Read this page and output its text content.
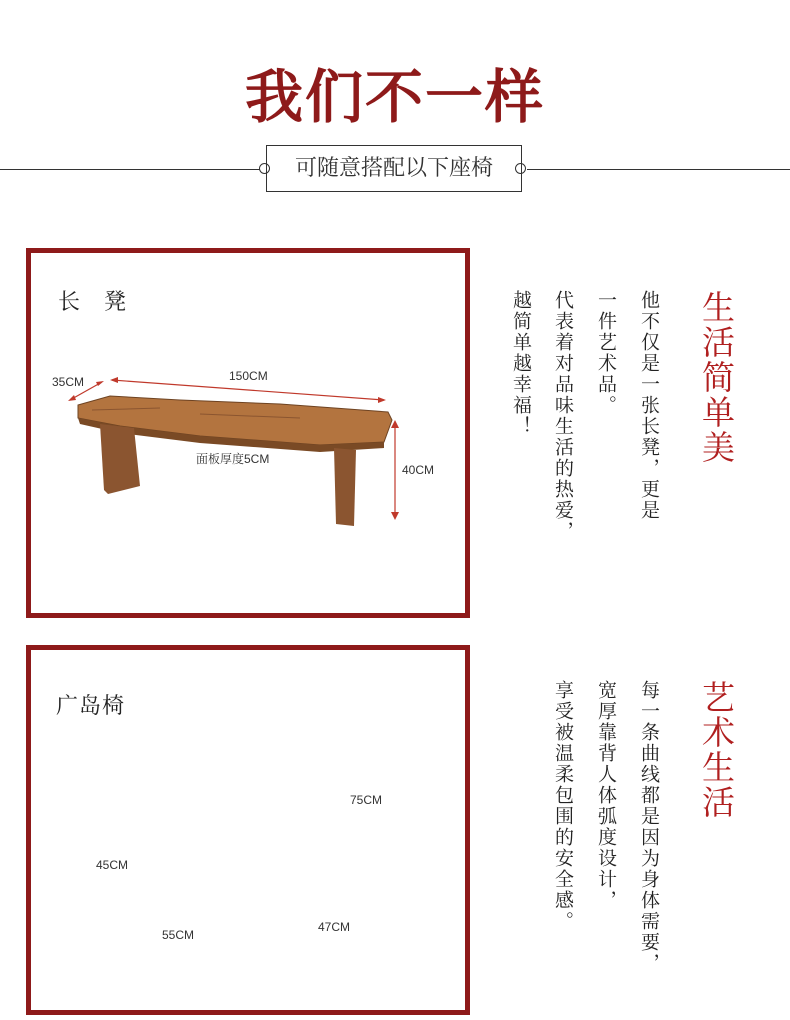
我们不一样
可随意搭配以下座椅
长　凳
150CM
35CM
40CM
面板厚度5CM
广岛椅
75CM
45CM
55CM
47CM
生活简单美
他不仅是一张长凳，更是
一件艺术品。
代表着对品味生活的热爱，
越简单越幸福！
艺术生活
每一条曲线都是因为身体需要，
宽厚靠背人体弧度设计，
享受被温柔包围的安全感。
